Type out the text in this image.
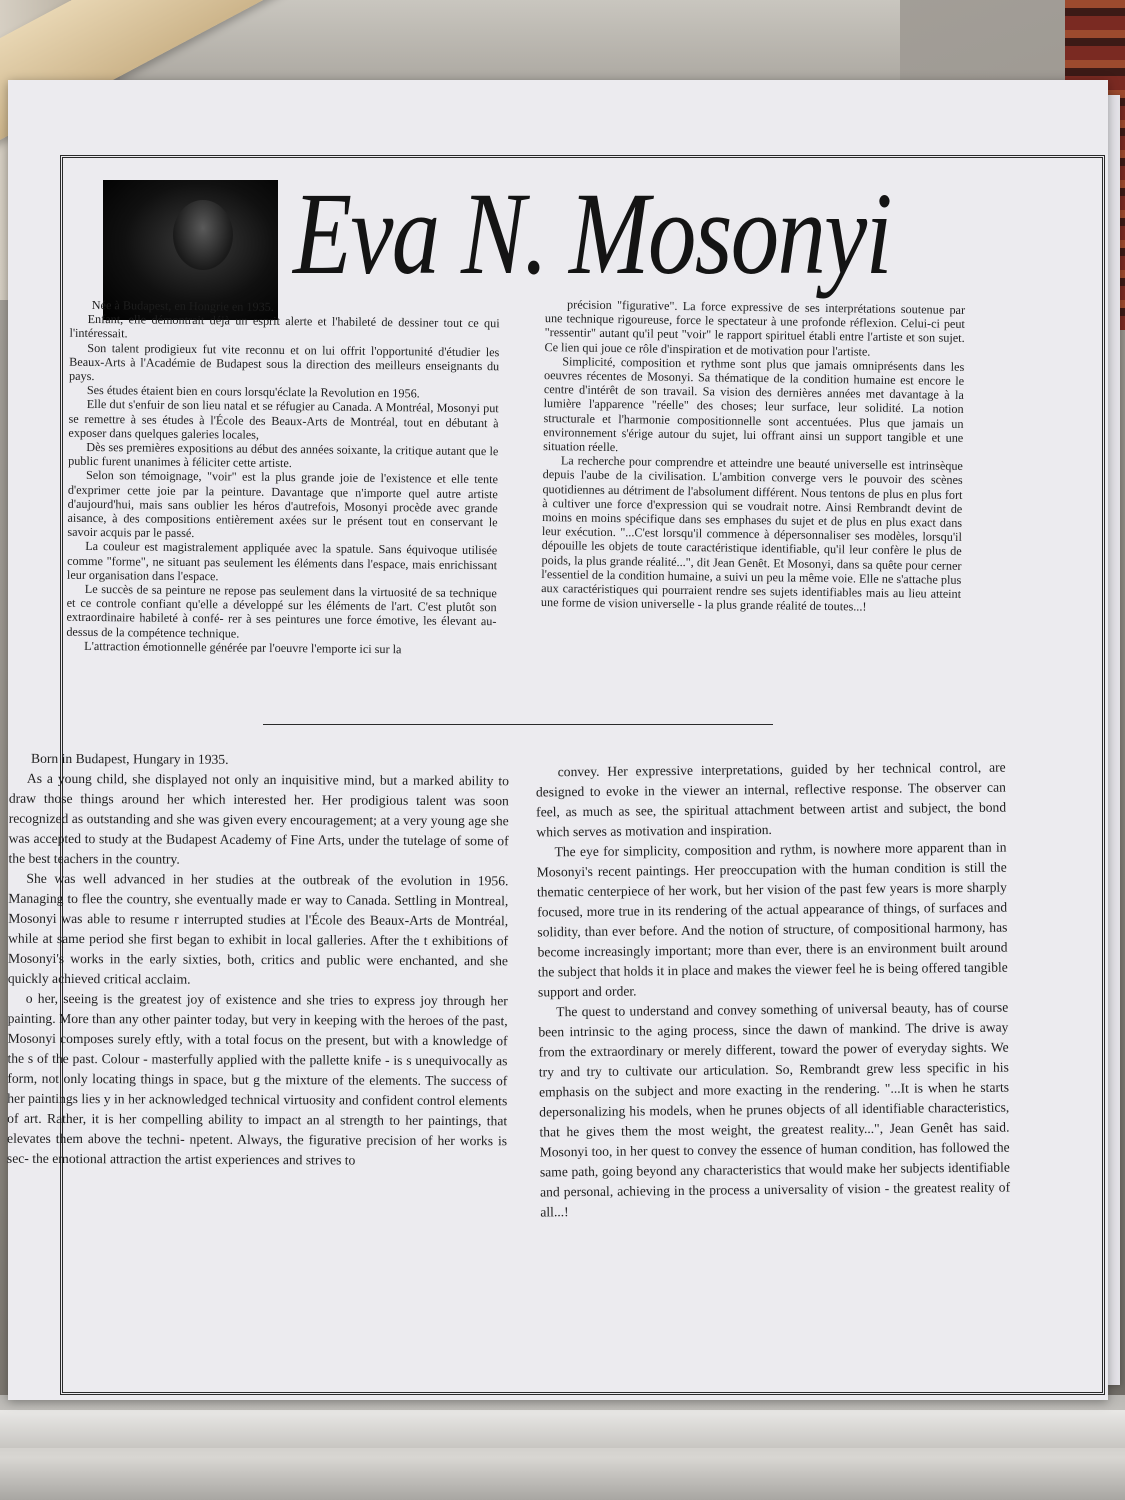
Eva N. Mosonyi

Née à Budapest, en Hongrie en 1935.

Enfant, elle démontrait déjà un esprit alerte et l'habileté de dessiner tout ce qui l'intéressait.

Son talent prodigieux fut vite reconnu et on lui offrit l'opportunité d'étudier les Beaux-Arts à l'Académie de Budapest sous la direction des meilleurs enseignants du pays.

Ses études étaient bien en cours lorsqu'éclate la Revolution en 1956.

Elle dut s'enfuir de son lieu natal et se réfugier au Canada. A Montréal, Mosonyi put se remettre à ses études à l'École des Beaux-Arts de Montréal, tout en débutant à exposer dans quelques galeries locales,

Dès ses premières expositions au début des années soixante, la critique autant que le public furent unanimes à féliciter cette artiste.

Selon son témoignage, "voir" est la plus grande joie de l'existence et elle tente d'exprimer cette joie par la peinture. Davantage que n'importe quel autre artiste d'aujourd'hui, mais sans oublier les héros d'autrefois, Mosonyi procède avec grande aisance, à des compositions entièrement axées sur le présent tout en conservant le savoir acquis par le passé.

La couleur est magistralement appliquée avec la spatule. Sans équivoque utilisée comme "forme", ne situant pas seulement les éléments dans l'espace, mais enrichissant leur organisation dans l'espace.

Le succès de sa peinture ne repose pas seulement dans la virtuosité de sa technique et ce controle confiant qu'elle a développé sur les éléments de l'art. C'est plutôt son extraordinaire habileté à confé- rer à ses peintures une force émotive, les élevant au-dessus de la compétence technique.

L'attraction émotionnelle générée par l'oeuvre l'emporte ici sur la

précision "figurative". La force expressive de ses interprétations soutenue par une technique rigoureuse, force le spectateur à une profonde réflexion. Celui-ci peut "ressentir" autant qu'il peut "voir" le rapport spirituel établi entre l'artiste et son sujet. Ce lien qui joue ce rôle d'inspiration et de motivation pour l'artiste.

Simplicité, composition et rythme sont plus que jamais omniprésents dans les oeuvres récentes de Mosonyi. Sa thématique de la condition humaine est encore le centre d'intérêt de son travail. Sa vision des dernières années met davantage à la lumière l'apparence "réelle" des choses; leur surface, leur solidité. La notion structurale et l'harmonie compositionnelle sont accentuées. Plus que jamais un environnement s'érige autour du sujet, lui offrant ainsi un support tangible et une situation réelle.

La recherche pour comprendre et atteindre une beauté universelle est intrinsèque depuis l'aube de la civilisation. L'ambition converge vers le pouvoir des scènes quotidiennes au détriment de l'absolument différent. Nous tentons de plus en plus fort à cultiver une force d'expression qui se voudrait notre. Ainsi Rembrandt devint de moins en moins spécifique dans ses emphases du sujet et de plus en plus exact dans leur exécution. "...C'est lorsqu'il commence à dépersonnaliser ses modèles, lorsqu'il dépouille les objets de toute caractéristique identifiable, qu'il leur confère le plus de poids, la plus grande réalité...", dit Jean Genêt. Et Mosonyi, dans sa quête pour cerner l'essentiel de la condition humaine, a suivi un peu la même voie. Elle ne s'attache plus aux caractéristiques qui pourraient rendre ses sujets identifiables mais au lieu atteint une forme de vision universelle - la plus grande réalité de toutes...!

Born in Budapest, Hungary in 1935.

As a young child, she displayed not only an inquisitive mind, but a marked ability to draw those things around her which interested her. Her prodigious talent was soon recognized as outstanding and she was given every encouragement; at a very young age she was accepted to study at the Budapest Academy of Fine Arts, under the tutelage of some of the best teachers in the country.

She was well advanced in her studies at the outbreak of the evolution in 1956. Managing to flee the country, she eventually made er way to Canada. Settling in Montreal, Mosonyi was able to resume r interrupted studies at l'École des Beaux-Arts de Montréal, while at same period she first began to exhibit in local galleries. After the t exhibitions of Mosonyi's works in the early sixties, both, critics and public were enchanted, and she quickly achieved critical acclaim.

o her, seeing is the greatest joy of existence and she tries to express joy through her painting. More than any other painter today, but very in keeping with the heroes of the past, Mosonyi composes surely eftly, with a total focus on the present, but with a knowledge of the s of the past. Colour - masterfully applied with the pallette knife - is s unequivocally as form, not only locating things in space, but g the mixture of the elements. The success of her paintings lies y in her acknowledged technical virtuosity and confident control elements of art. Rather, it is her compelling ability to impact an al strength to her paintings, that elevates them above the techni- npetent. Always, the figurative precision of her works is sec- the emotional attraction the artist experiences and strives to

convey. Her expressive interpretations, guided by her technical control, are designed to evoke in the viewer an internal, reflective response. The observer can feel, as much as see, the spiritual attachment between artist and subject, the bond which serves as motivation and inspiration.

The eye for simplicity, composition and rythm, is nowhere more apparent than in Mosonyi's recent paintings. Her preoccupation with the human condition is still the thematic centerpiece of her work, but her vision of the past few years is more sharply focused, more true in its rendering of the actual appearance of things, of surfaces and solidity, than ever before. And the notion of structure, of compositional harmony, has become increasingly important; more than ever, there is an environment built around the subject that holds it in place and makes the viewer feel he is being offered tangible support and order.

The quest to understand and convey something of universal beauty, has of course been intrinsic to the aging process, since the dawn of mankind. The drive is away from the extraordinary or merely different, toward the power of everyday sights. We try and try to cultivate our articulation. So, Rembrandt grew less specific in his emphasis on the subject and more exacting in the rendering. "...It is when he starts depersonalizing his models, when he prunes objects of all identifiable characteristics, that he gives them the most weight, the greatest reality...", Jean Genêt has said. Mosonyi too, in her quest to convey the essence of human condition, has followed the same path, going beyond any characteristics that would make her subjects identifiable and personal, achieving in the process a universality of vision - the greatest reality of all...!
